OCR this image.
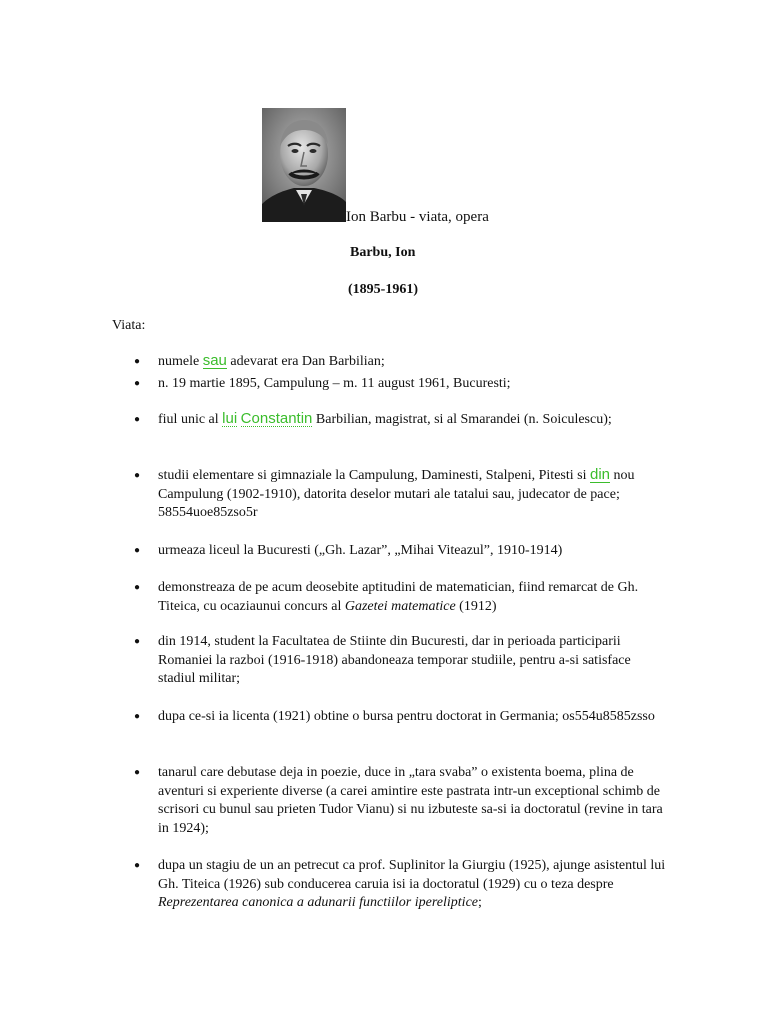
Ion Barbu - viata, opera
Barbu, Ion
(1895-1961)
Viata:
● numele sau adevarat era Dan Barbilian;
● n. 19 martie 1895, Campulung – m. 11 august 1961, Bucuresti;
● fiul unic al lui Constantin Barbilian, magistrat, si al Smarandei (n. Soiculescu);
● studii elementare si gimnaziale la Campulung, Daminesti, Stalpeni, Pitesti si din nou Campulung (1902-1910), datorita deselor mutari ale tatalui sau, judecator de pace; 58554uoe85zso5r
● urmeaza liceul la Bucuresti („Gh. Lazar”, „Mihai Viteazul”, 1910-1914)
● demonstreaza de pe acum deosebite aptitudini de matematician, fiind remarcat de Gh. Titeica, cu ocaziaunui concurs al Gazetei matematice (1912)
● din 1914, student la Facultatea de Stiinte din Bucuresti, dar in perioada participarii Romaniei la razboi (1916-1918) abandoneaza temporar studiile, pentru a-si satisface stadiul militar;
● dupa ce-si ia licenta (1921) obtine o bursa pentru doctorat in Germania; os554u8585zsso
● tanarul care debutase deja in poezie, duce in „tara svaba” o existenta boema, plina de aventuri si experiente diverse (a carei amintire este pastrata intr-un exceptional schimb de scrisori cu bunul sau prieten Tudor Vianu) si nu izbuteste sa-si ia doctoratul (revine in tara in 1924);
● dupa un stagiu de un an petrecut ca prof. Suplinitor la Giurgiu (1925), ajunge asistentul lui Gh. Titeica (1926) sub conducerea caruia isi ia doctoratul (1929) cu o teza despre Reprezentarea canonica a adunarii functiilor ipereliptice;
